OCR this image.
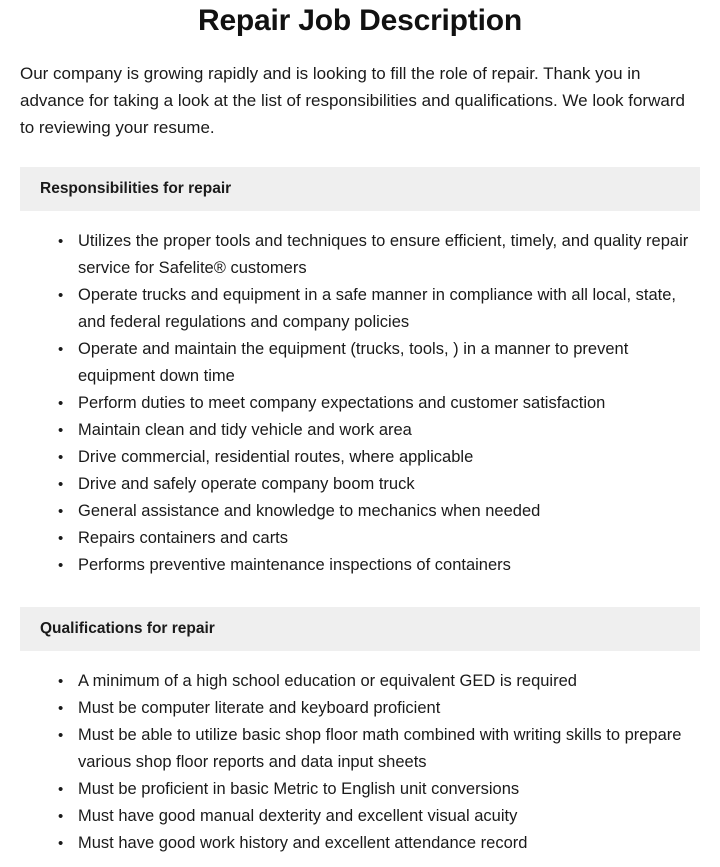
Repair Job Description

Our company is growing rapidly and is looking to fill the role of repair. Thank you in advance for taking a look at the list of responsibilities and qualifications. We look forward to reviewing your resume.

Responsibilities for repair
• Utilizes the proper tools and techniques to ensure efficient, timely, and quality repair service for Safelite® customers
• Operate trucks and equipment in a safe manner in compliance with all local, state, and federal regulations and company policies
• Operate and maintain the equipment (trucks, tools, ) in a manner to prevent equipment down time
• Perform duties to meet company expectations and customer satisfaction
• Maintain clean and tidy vehicle and work area
• Drive commercial, residential routes, where applicable
• Drive and safely operate company boom truck
• General assistance and knowledge to mechanics when needed
• Repairs containers and carts
• Performs preventive maintenance inspections of containers
Qualifications for repair
• A minimum of a high school education or equivalent GED is required
• Must be computer literate and keyboard proficient
• Must be able to utilize basic shop floor math combined with writing skills to prepare various shop floor reports and data input sheets
• Must be proficient in basic Metric to English unit conversions
• Must have good manual dexterity and excellent visual acuity
• Must have good work history and excellent attendance record
